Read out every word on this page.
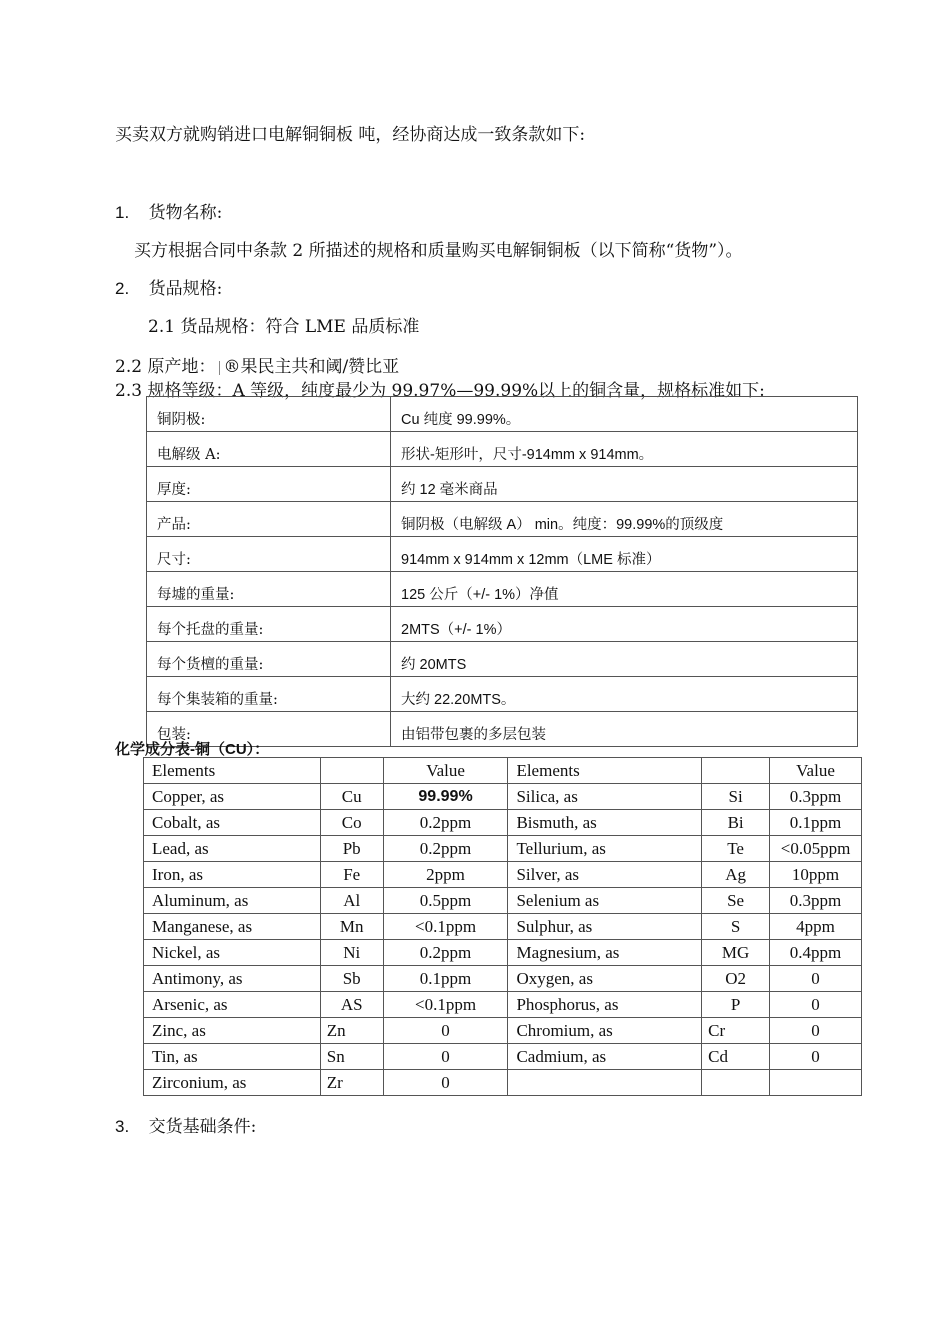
买卖双方就购销进口电解铜铜板 吨，经协商达成一致条款如下:
1. 货物名称:
买方根据合同中条款 2 所描述的规格和质量购买电解铜铜板（以下简称“货物”）。
2. 货品规格:
2.1 货品规格：符合 LME 品质标准
2.2 原产地： ®果民主共和阈/赞比亚
2.3 规格等级：A 等级，纯度最少为 99.97%—99.99%以上的铜含量，规格标准如下:
铜阴极:	Cu 纯度 99.99%。
电解级 A:	形状-矩形叶，尺寸-914mm x 914mm。
厚度:	约 12 毫米商品
产品:	铜阴极（电解级 A） min。纯度：99.99%的顶级度
尺寸:	914mm x 914mm x 12mm（LME 标准）
每墟的重量:	125 公斤（+/- 1%）净值
每个托盘的重量:	2MTS（+/- 1%）
每个货檀的重量:	约 20MTS
每个集装箱的重量:	大约 22.20MTS。
包装:	由铝带包裹的多层包装
化学成分表-铜（CU）：
Elements		Value	Elements		Value
Copper, as	Cu	99.99%	Silica, as	Si	0.3ppm
Cobalt, as	Co	0.2ppm	Bismuth, as	Bi	0.1ppm
Lead, as	Pb	0.2ppm	Tellurium, as	Te	<0.05ppm
Iron, as	Fe	2ppm	Silver, as	Ag	10ppm
Aluminum, as	Al	0.5ppm	Selenium as	Se	0.3ppm
Manganese, as	Mn	<0.1ppm	Sulphur, as	S	4ppm
Nickel, as	Ni	0.2ppm	Magnesium, as	MG	0.4ppm
Antimony, as	Sb	0.1ppm	Oxygen, as	O2	0
Arsenic, as	AS	<0.1ppm	Phosphorus, as	P	0
Zinc, as	Zn	0	Chromium, as	Cr	0
Tin, as	Sn	0	Cadmium, as	Cd	0
Zirconium, as	Zr	0			
3. 交货基础条件:
